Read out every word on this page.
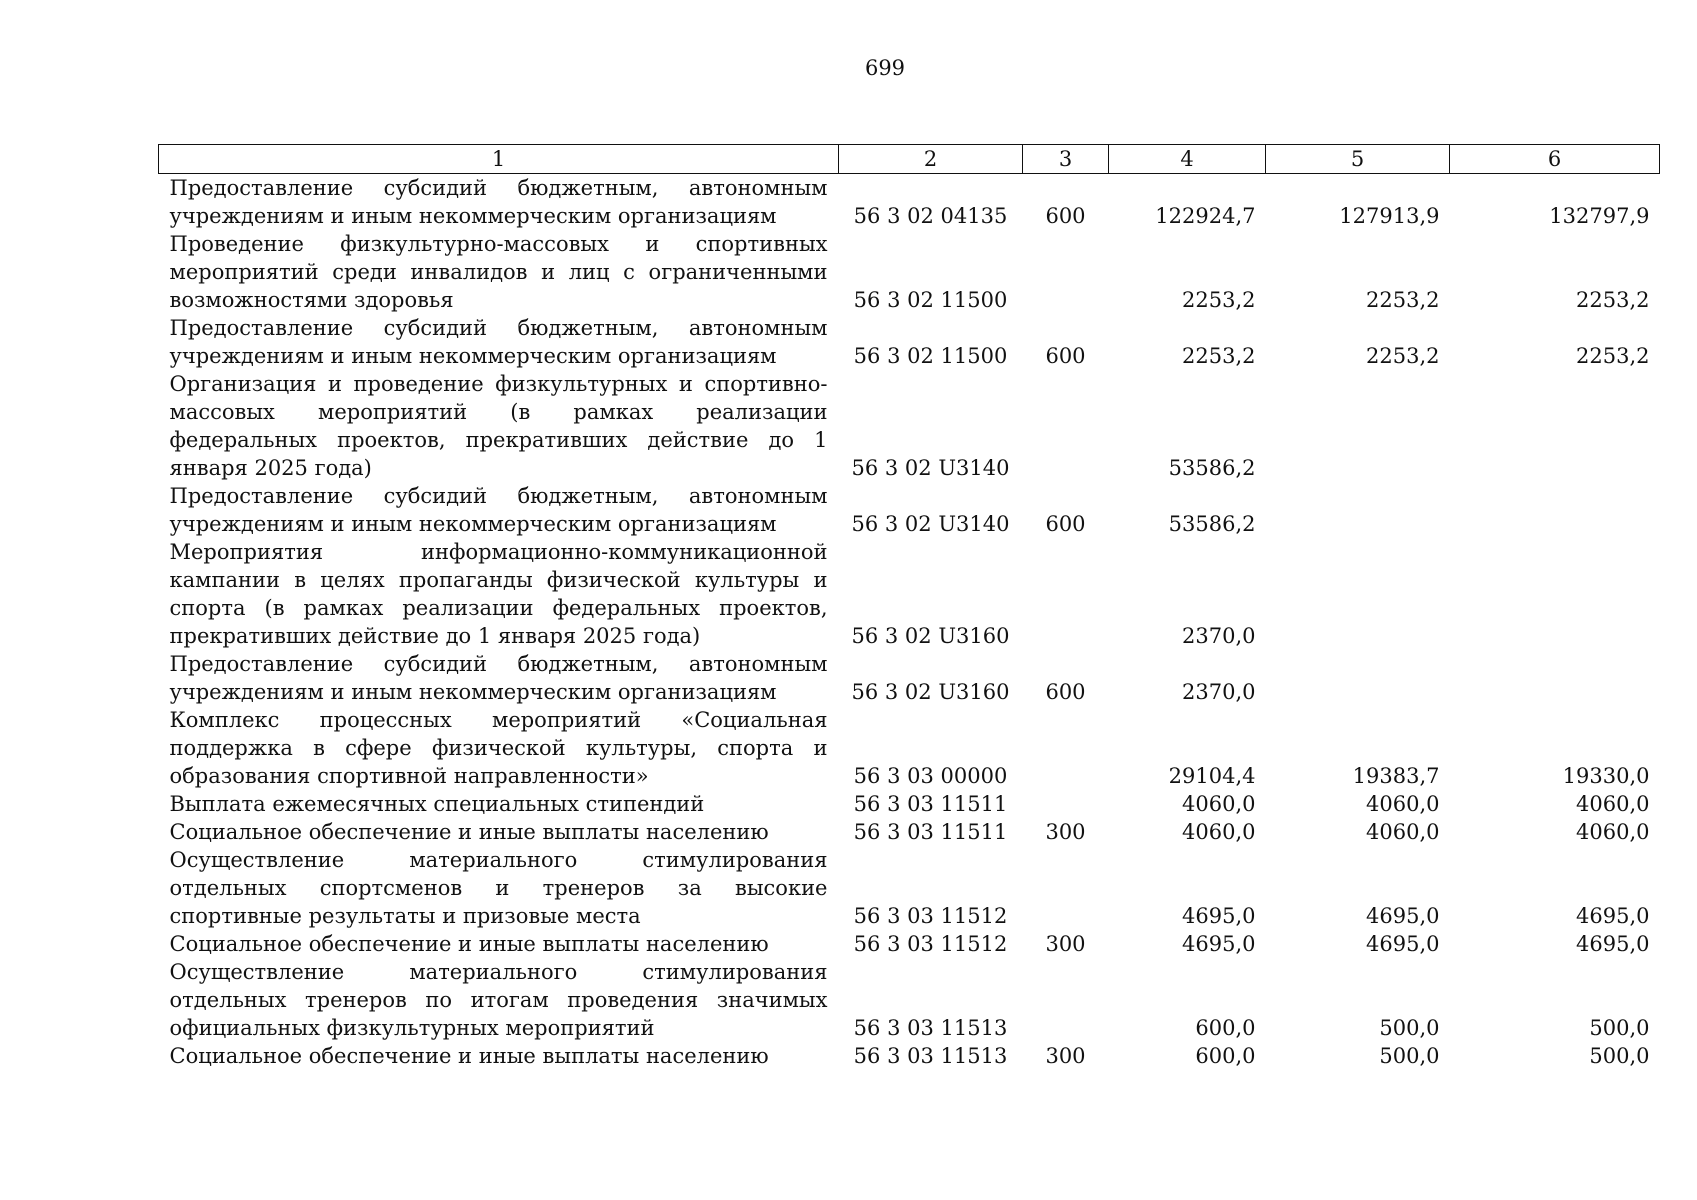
699
1	2	3	4	5	6
Предоставление субсидий бюджетным, автономным учреждениям и иным некоммерческим организациям	56 3 02 04135	600	122924,7	127913,9	132797,9
Проведение физкультурно-массовых и спортивных мероприятий среди инвалидов и лиц с ограниченными возможностями здоровья	56 3 02 11500		2253,2	2253,2	2253,2
Предоставление субсидий бюджетным, автономным учреждениям и иным некоммерческим организациям	56 3 02 11500	600	2253,2	2253,2	2253,2
Организация и проведение физкультурных и спортивно-массовых мероприятий (в рамках реализации федеральных проектов, прекративших действие до 1 января 2025 года)	56 3 02 U3140		53586,2		
Предоставление субсидий бюджетным, автономным учреждениям и иным некоммерческим организациям	56 3 02 U3140	600	53586,2		
Мероприятия информационно-коммуникационной кампании в целях пропаганды физической культуры и спорта (в рамках реализации федеральных проектов, прекративших действие до 1 января 2025 года)	56 3 02 U3160		2370,0		
Предоставление субсидий бюджетным, автономным учреждениям и иным некоммерческим организациям	56 3 02 U3160	600	2370,0		
Комплекс процессных мероприятий «Социальная поддержка в сфере физической культуры, спорта и образования спортивной направленности»	56 3 03 00000		29104,4	19383,7	19330,0
Выплата ежемесячных специальных стипендий	56 3 03 11511		4060,0	4060,0	4060,0
Социальное обеспечение и иные выплаты населению	56 3 03 11511	300	4060,0	4060,0	4060,0
Осуществление материального стимулирования отдельных спортсменов и тренеров за высокие спортивные результаты и призовые места	56 3 03 11512		4695,0	4695,0	4695,0
Социальное обеспечение и иные выплаты населению	56 3 03 11512	300	4695,0	4695,0	4695,0
Осуществление материального стимулирования отдельных тренеров по итогам проведения значимых официальных физкультурных мероприятий	56 3 03 11513		600,0	500,0	500,0
Социальное обеспечение и иные выплаты населению	56 3 03 11513	300	600,0	500,0	500,0
